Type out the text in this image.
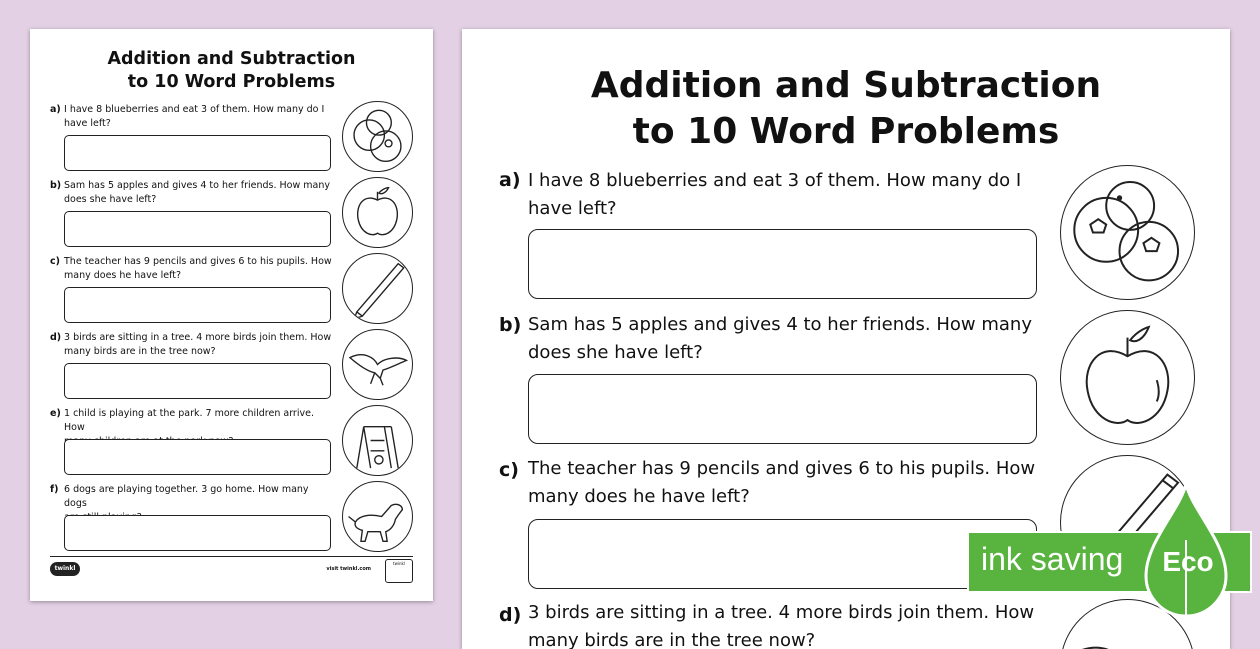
Addition and Subtraction
to 10 Word Problems
a) I have 8 blueberries and eat 3 of them. How many do I
have left?
b) Sam has 5 apples and gives 4 to her friends. How many
does she have left?
c) The teacher has 9 pencils and gives 6 to his pupils. How
many does he have left?
d) 3 birds are sitting in a tree. 4 more birds join them. How
many birds are in the tree now?
e) 1 child is playing at the park. 7 more children arrive. How
f) 6 dogs are playing together. 3 go home. How many dogs
twinkl	visit twinkl.com
twinkl
Addition and Subtraction
to 10 Word Problems
a) I have 8 blueberries and eat 3 of them. How many do I
have left?
b) Sam has 5 apples and gives 4 to her friends. How many
does she have left?
c) The teacher has 9 pencils and gives 6 to his pupils. How
many does he have left?
d) 3 birds are sitting in a tree. 4 more birds join them. How
many birds are in the tree now?
ink saving Eco
